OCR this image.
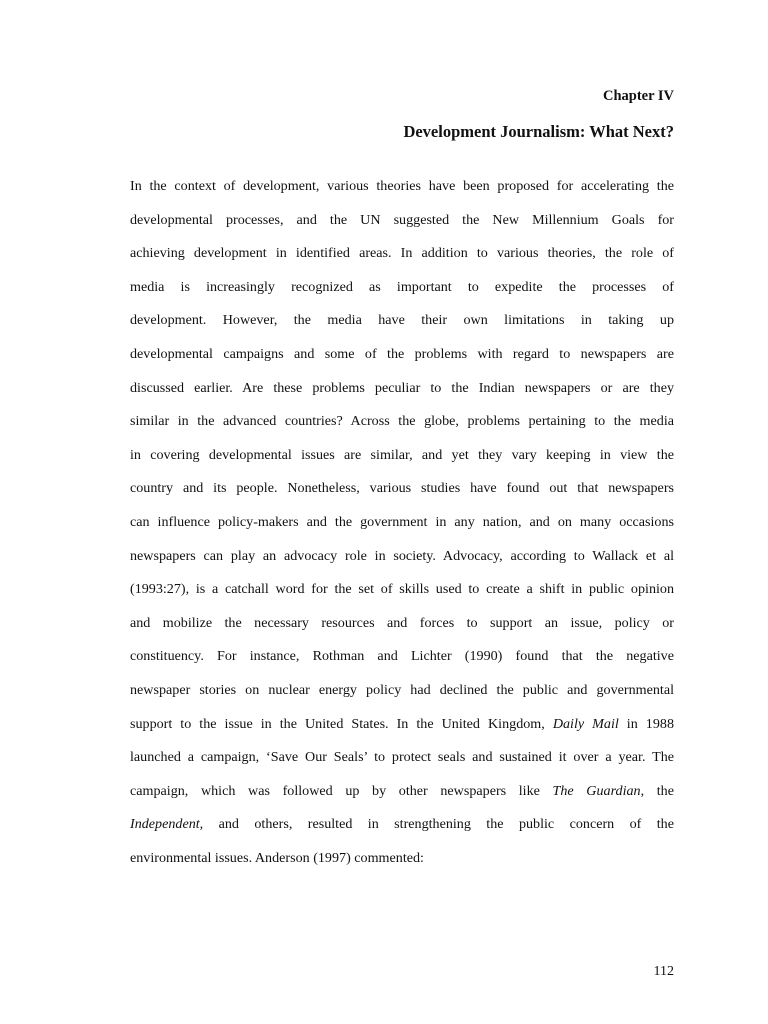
Chapter IV
Development Journalism: What Next?
In the context of development, various theories have been proposed for accelerating the
developmental processes, and the UN suggested the New Millennium Goals for
achieving development in identified areas. In addition to various theories, the role of
media is increasingly recognized as important to expedite the processes of
development. However, the media have their own limitations in taking up
developmental campaigns and some of the problems with regard to newspapers are
discussed earlier. Are these problems peculiar to the Indian newspapers or are they
similar in the advanced countries? Across the globe, problems pertaining to the media
in covering developmental issues are similar, and yet they vary keeping in view the
country and its people. Nonetheless, various studies have found out that newspapers
can influence policy-makers and the government in any nation, and on many occasions
newspapers can play an advocacy role in society. Advocacy, according to Wallack et al
(1993:27), is a catchall word for the set of skills used to create a shift in public opinion
and mobilize the necessary resources and forces to support an issue, policy or
constituency. For instance, Rothman and Lichter (1990) found that the negative
newspaper stories on nuclear energy policy had declined the public and governmental
support to the issue in the United States. In the United Kingdom, Daily Mail in 1988
launched a campaign, ‘Save Our Seals’ to protect seals and sustained it over a year. The
campaign, which was followed up by other newspapers like The Guardian, the
Independent, and others, resulted in strengthening the public concern of the
environmental issues. Anderson (1997) commented:
112
